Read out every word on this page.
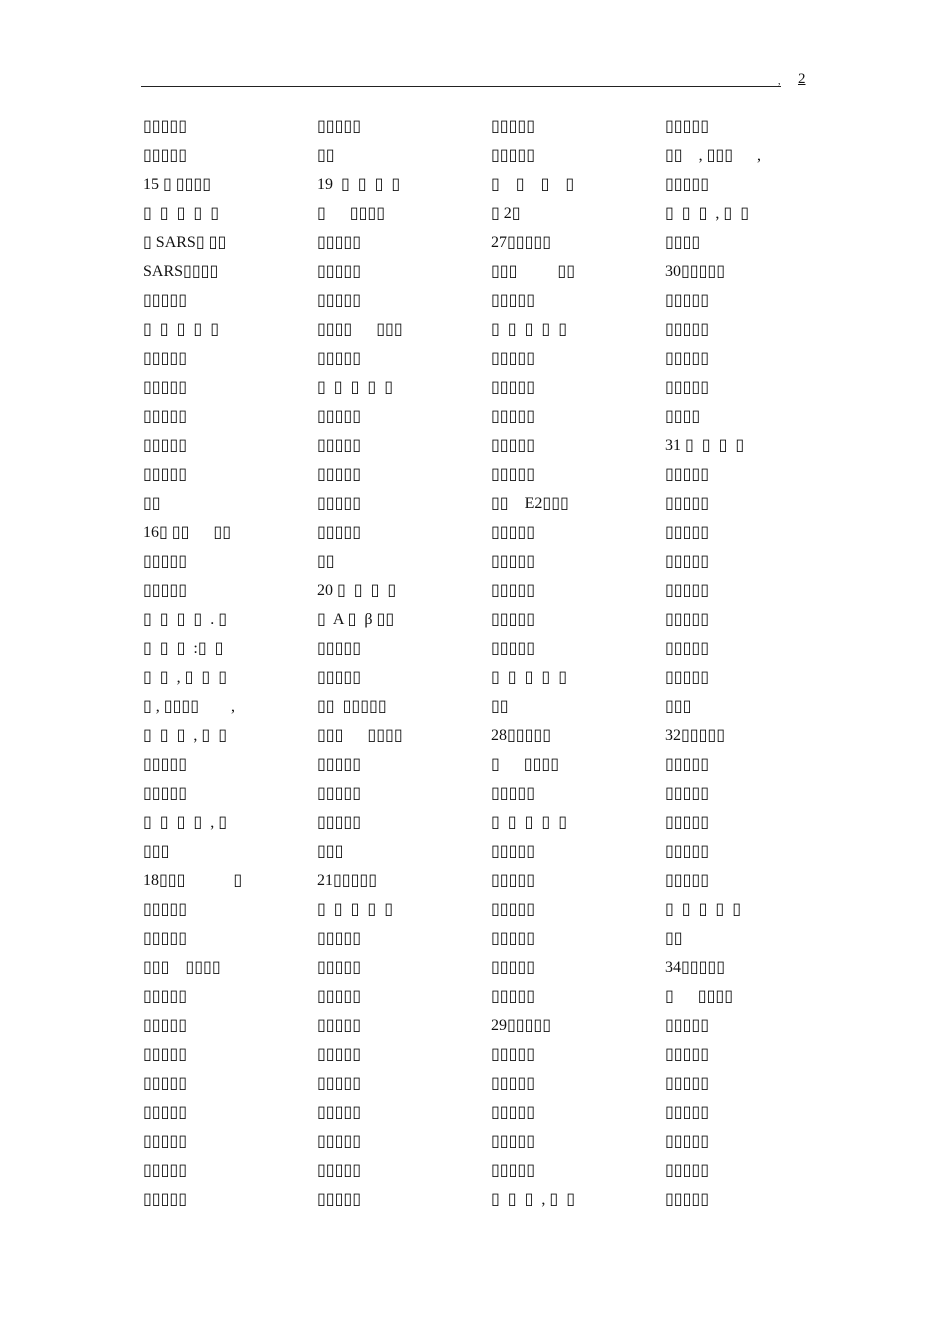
, 2
▯▯▯▯▯
▯▯▯▯▯
15 ▯ ▯▯▯▯
▯  ▯  ▯  ▯  ▯
▯ SARS▯ ▯▯
SARS▯▯▯▯
▯▯▯▯▯
▯  ▯  ▯  ▯  ▯
▯▯▯▯▯
▯▯▯▯▯
▯▯▯▯▯
▯▯▯▯▯
▯▯▯▯▯
▯▯
16▯ ▯▯      ▯▯
▯▯▯▯▯
▯▯▯▯▯
▯  ▯  ▯  ▯  . ▯
▯  ▯  ▯  :▯  ▯
▯  ▯  , ▯  ▯  ▯
▯ , ▯▯▯▯        ,
▯  ▯  ▯  , ▯  ▯
▯▯▯▯▯
▯▯▯▯▯
▯  ▯  ▯  ▯  , ▯
▯▯▯
18▯▯▯            ▯
▯▯▯▯▯
▯▯▯▯▯
▯▯▯    ▯▯▯▯
▯▯▯▯▯
▯▯▯▯▯
▯▯▯▯▯
▯▯▯▯▯
▯▯▯▯▯
▯▯▯▯▯
▯▯▯▯▯
▯▯▯▯▯
▯▯▯▯▯
▯▯
19  ▯  ▯  ▯  ▯
▯      ▯▯▯▯
▯▯▯▯▯
▯▯▯▯▯
▯▯▯▯▯
▯▯▯▯      ▯▯▯
▯▯▯▯▯
▯  ▯  ▯  ▯  ▯
▯▯▯▯▯
▯▯▯▯▯
▯▯▯▯▯
▯▯▯▯▯
▯▯▯▯▯
▯▯
20 ▯  ▯  ▯  ▯
▯  A ▯  β ▯▯
▯▯▯▯▯
▯▯▯▯▯
▯▯  ▯▯▯▯▯
▯▯▯      ▯▯▯▯
▯▯▯▯▯
▯▯▯▯▯
▯▯▯▯▯
▯▯▯
21▯▯▯▯▯
▯  ▯  ▯  ▯  ▯
▯▯▯▯▯
▯▯▯▯▯
▯▯▯▯▯
▯▯▯▯▯
▯▯▯▯▯
▯▯▯▯▯
▯▯▯▯▯
▯▯▯▯▯
▯▯▯▯▯
▯▯▯▯▯
▯▯▯▯▯
▯▯▯▯▯
▯    ▯    ▯    ▯
▯ 2▯
27▯▯▯▯▯
▯▯▯          ▯▯
▯▯▯▯▯
▯  ▯  ▯  ▯  ▯
▯▯▯▯▯
▯▯▯▯▯
▯▯▯▯▯
▯▯▯▯▯
▯▯▯▯▯
▯▯    E2▯▯▯
▯▯▯▯▯
▯▯▯▯▯
▯▯▯▯▯
▯▯▯▯▯
▯▯▯▯▯
▯  ▯  ▯  ▯  ▯
▯▯
28▯▯▯▯▯
▯      ▯▯▯▯
▯▯▯▯▯
▯  ▯  ▯  ▯  ▯
▯▯▯▯▯
▯▯▯▯▯
▯▯▯▯▯
▯▯▯▯▯
▯▯▯▯▯
▯▯▯▯▯
29▯▯▯▯▯
▯▯▯▯▯
▯▯▯▯▯
▯▯▯▯▯
▯▯▯▯▯
▯▯▯▯▯
▯  ▯  ▯  , ▯  ▯
▯▯▯▯▯
▯▯    , ▯▯▯      ,
▯▯▯▯▯
▯  ▯  ▯  , ▯  ▯
▯▯▯▯
30▯▯▯▯▯
▯▯▯▯▯
▯▯▯▯▯
▯▯▯▯▯
▯▯▯▯▯
▯▯▯▯
31 ▯  ▯  ▯  ▯
▯▯▯▯▯
▯▯▯▯▯
▯▯▯▯▯
▯▯▯▯▯
▯▯▯▯▯
▯▯▯▯▯
▯▯▯▯▯
▯▯▯▯▯
▯▯▯
32▯▯▯▯▯
▯▯▯▯▯
▯▯▯▯▯
▯▯▯▯▯
▯▯▯▯▯
▯▯▯▯▯
▯  ▯  ▯  ▯  ▯
▯▯
34▯▯▯▯▯
▯      ▯▯▯▯
▯▯▯▯▯
▯▯▯▯▯
▯▯▯▯▯
▯▯▯▯▯
▯▯▯▯▯
▯▯▯▯▯
▯▯▯▯▯
